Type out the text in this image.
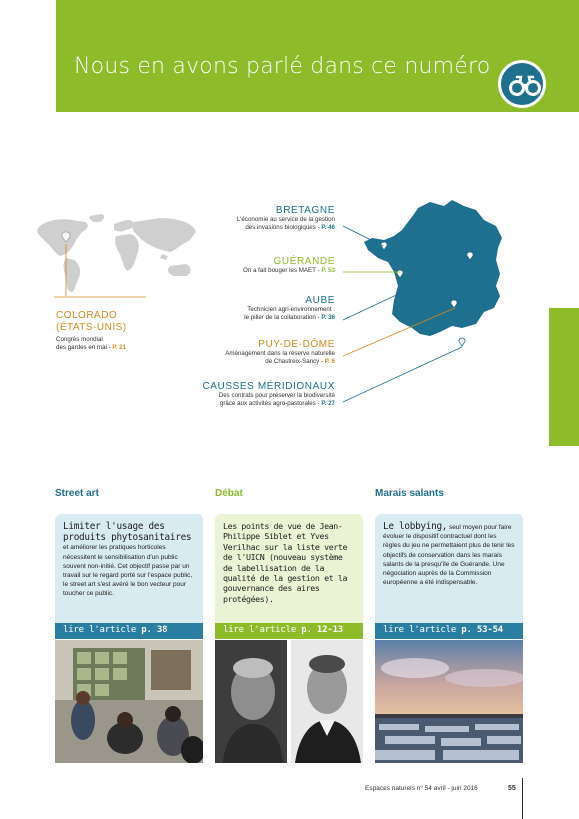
Nous en avons parlé dans ce numéro
BRETAGNE
L'économie au service de la gestion
des invasions biologiques - P. 46
GUÉRANDE
On a fait bouger les MAET - P. 53
AUBE
Technicien agri-environnement :
le pilier de la collaboration - P. 36
PUY-DE-DÔME
Aménagement dans la réserve naturelle
de Chastreix-Sancy - P. 6
CAUSSES MÉRIDIONAUX
Des contrats pour préserver la biodiversité
grâce aux activités agro-pastorales - P. 27
COLORADO
(ÉTATS-UNIS)
Congrès mondial
des gardes en mai - P. 21
Street art
Limiter l'usage des produits phytosanitaires
et améliorer les pratiques horticoles nécessitent le sensibilisation d'un public souvent non-initié. Cet objectif passe par un travail sur le regard porté sur l'espace public, le street art s'est avéré le bon vecteur pour toucher ce public.
lire l'article p. 38
Débat
Les points de vue de Jean-Philippe Siblet et Yves Verilhac sur la liste verte de l'UICN (nouveau système de labellisation de la qualité de la gestion et la gouvernance des aires protégées).
lire l'article p. 12-13
Marais salants
Le lobbying, seul moyen pour faire évoluer le dispositif contractuel dont les règles du jeu ne permettaient plus de tenir les objectifs de conservation dans les marais salants de la presqu'île de Guérande. Une négociation auprès de la Commission européenne a été indispensable.
lire l'article p. 53-54
Espaces naturels n° 54 avril - juin 2016	55
